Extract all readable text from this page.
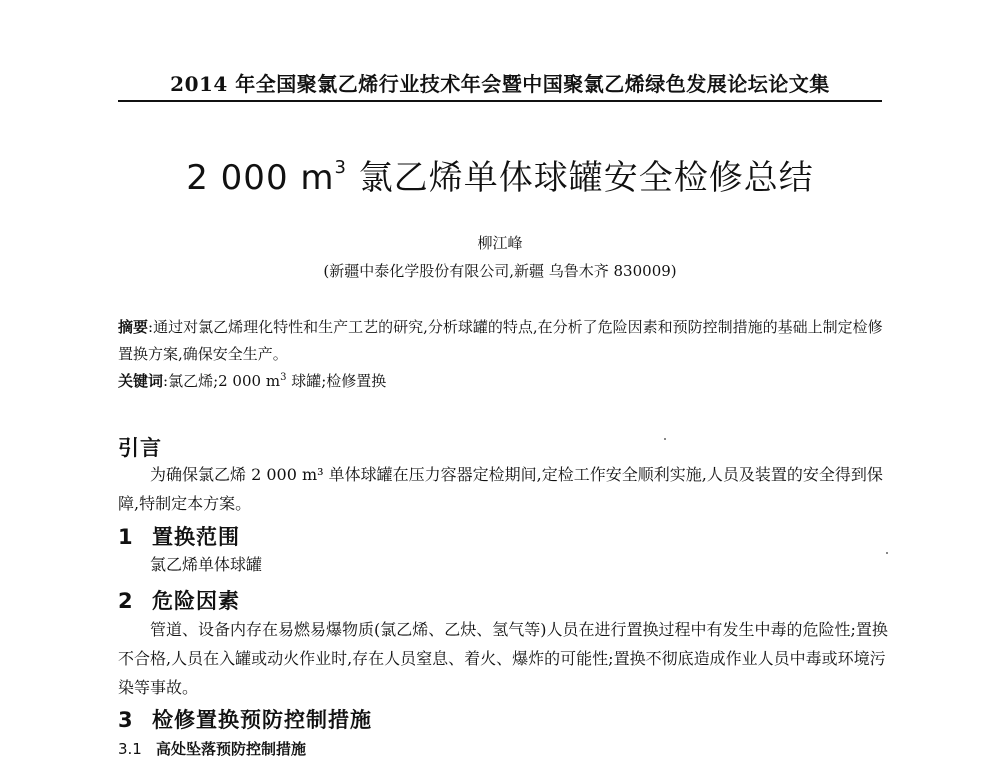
2014 年全国聚氯乙烯行业技术年会暨中国聚氯乙烯绿色发展论坛论文集
2 000 $m^3$ 氯乙烯单体球罐安全检修总结
柳江峰
(新疆中泰化学股份有限公司,新疆 乌鲁木齐 830009)
摘要:通过对氯乙烯理化特性和生产工艺的研究,分析球罐的特点,在分析了危险因素和预防控制措施的基础上制定检修置换方案,确保安全生产。
关键词:氯乙烯;2 000 $m^3$ 球罐;检修置换
引言
为确保氯乙烯 2 000 m³ 单体球罐在压力容器定检期间,定检工作安全顺利实施,人员及装置的安全得到保障,特制定本方案。
1 置换范围
氯乙烯单体球罐
2 危险因素
管道、设备内存在易燃易爆物质(氯乙烯、乙炔、氢气等)人员在进行置换过程中有发生中毒的危险性;置换不合格,人员在入罐或动火作业时,存在人员窒息、着火、爆炸的可能性;置换不彻底造成作业人员中毒或环境污染等事故。
3 检修置换预防控制措施
3.1 高处坠落预防控制措施
